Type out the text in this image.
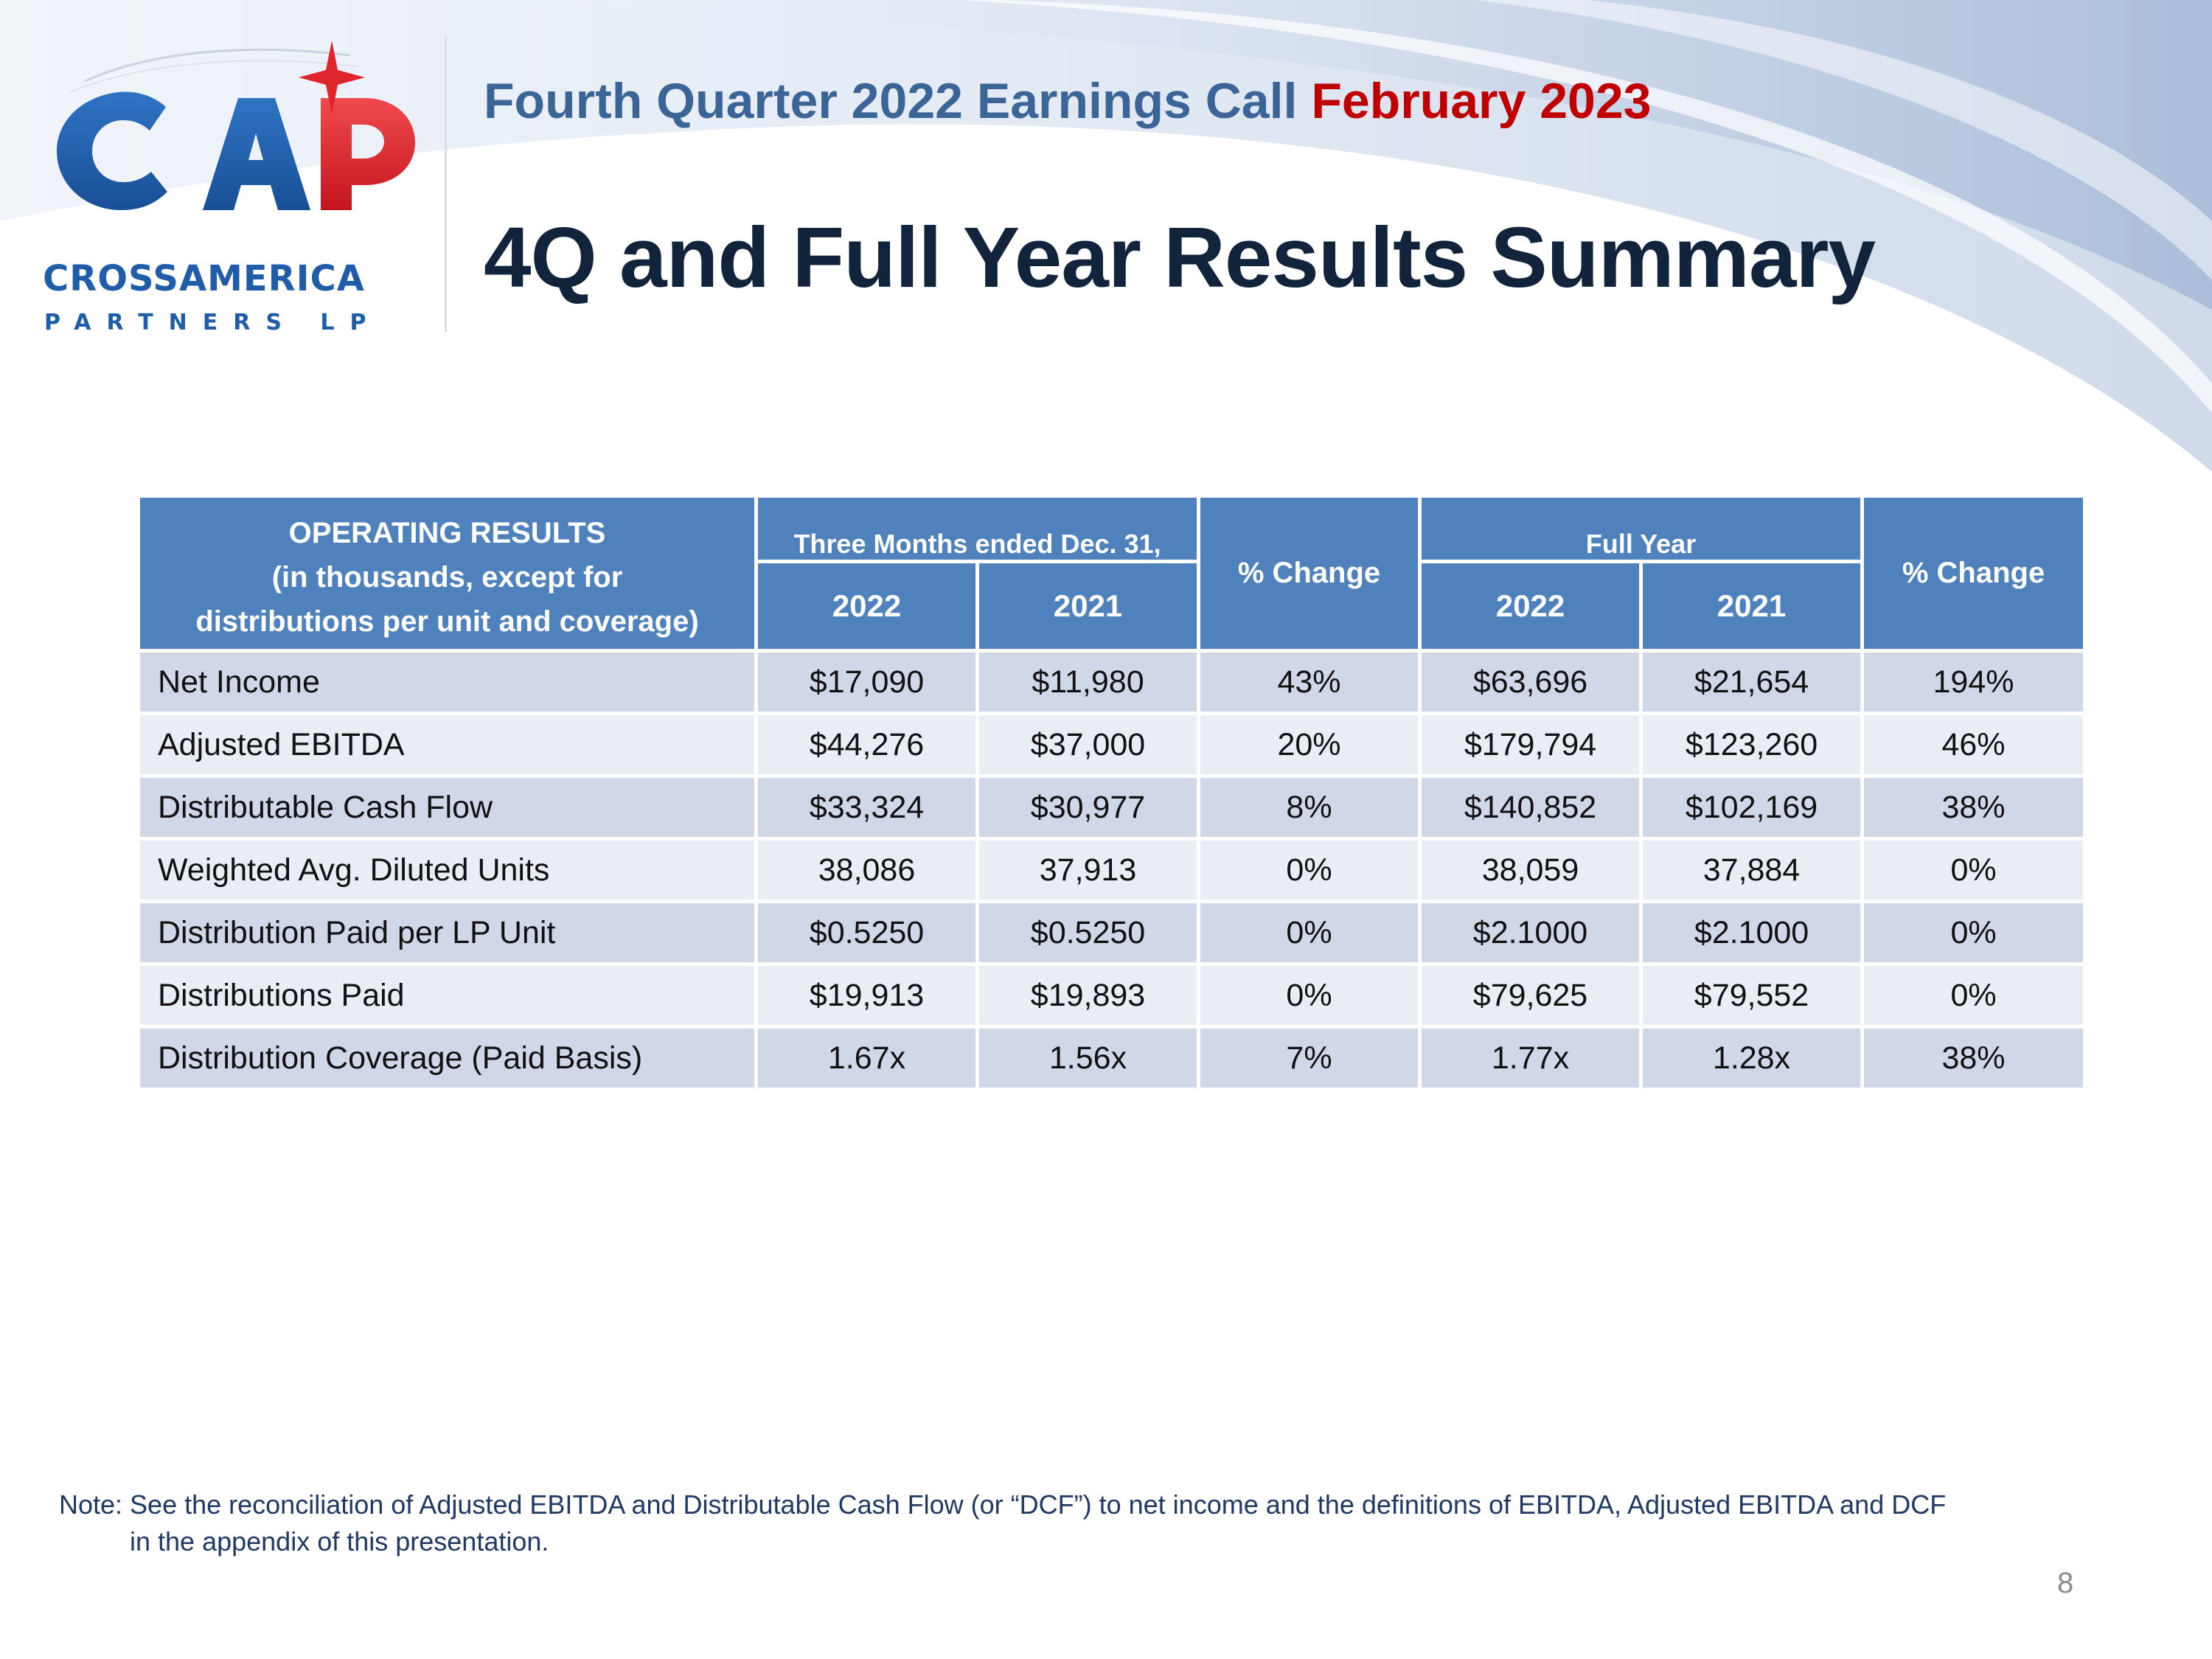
CROSSAMERICA
PARTNERS LP
Fourth Quarter 2022 Earnings Call February 2023
4Q and Full Year Results Summary
OPERATING RESULTS
(in thousands, except for
distributions per unit and coverage)	Three Months ended Dec. 31,		% Change	Full Year		% Change
	2022	2021		2022	2021	
Net Income	$17,090	$11,980	43%	$63,696	$21,654	194%
Adjusted EBITDA	$44,276	$37,000	20%	$179,794	$123,260	46%
Distributable Cash Flow	$33,324	$30,977	8%	$140,852	$102,169	38%
Weighted Avg. Diluted Units	38,086	37,913	0%	38,059	37,884	0%
Distribution Paid per LP Unit	$0.5250	$0.5250	0%	$2.1000	$2.1000	0%
Distributions Paid	$19,913	$19,893	0%	$79,625	$79,552	0%
Distribution Coverage (Paid Basis)	1.67x	1.56x	7%	1.77x	1.28x	38%
Note: See the reconciliation of Adjusted EBITDA and Distributable Cash Flow (or “DCF”) to net income and the definitions of EBITDA, Adjusted EBITDA and DCF
in the appendix of this presentation.
8
